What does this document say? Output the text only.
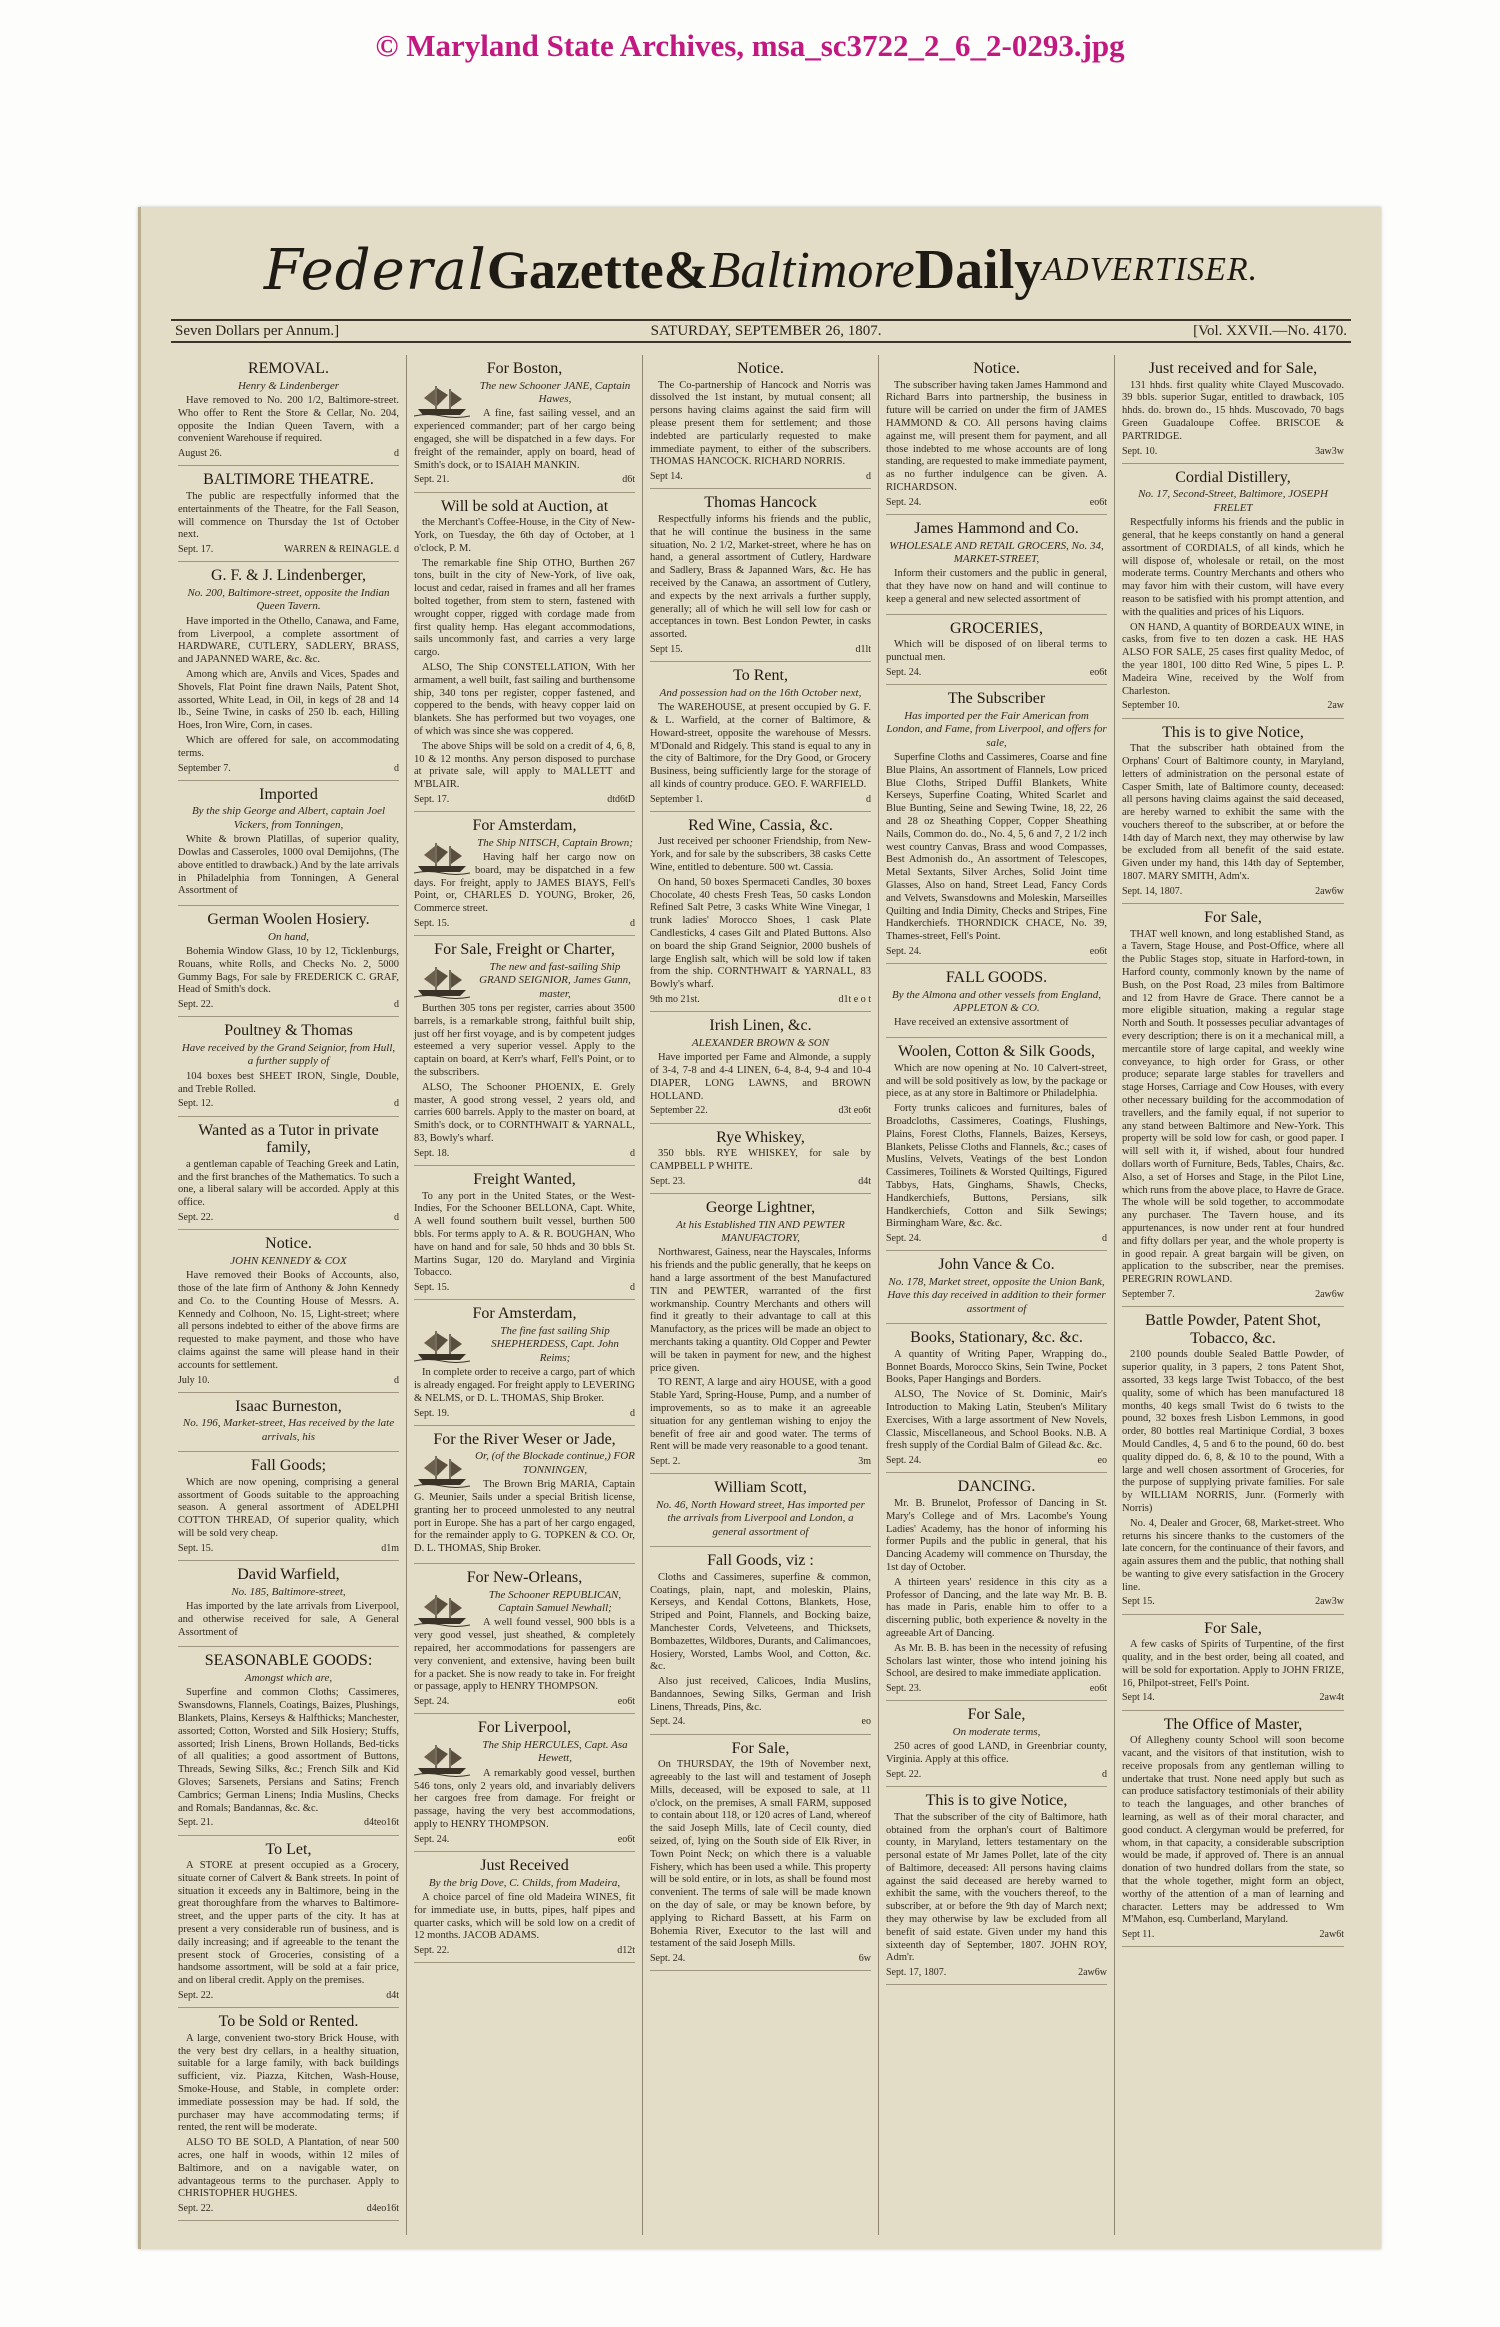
© Maryland State Archives, msa_sc3722_2_6_2-0293.jpg
Federal Gazette& Baltimore Daily ADVERTISER.
Seven Dollars per Annum.]	SATURDAY, SEPTEMBER 26, 1807.	[Vol. XXVII.—No. 4170.
REMOVAL.
Henry & Lindenberger

Have removed to No. 200 1/2, Baltimore-street. Who offer to Rent the Store & Cellar, No. 204, opposite the Indian Queen Tavern, with a convenient Warehouse if required.

August 26.	d
BALTIMORE THEATRE.

The public are respectfully informed that the entertainments of the Theatre, for the Fall Season, will commence on Thursday the 1st of October next.

Sept. 17.	WARREN & REINAGLE. d
G. F. & J. Lindenberger,
No. 200, Baltimore-street, opposite the Indian Queen Tavern.

Have imported in the Othello, Canawa, and Fame, from Liverpool, a complete assortment of HARDWARE, CUTLERY, SADLERY, BRASS, and JAPANNED WARE, &c. &c.

Among which are, Anvils and Vices, Spades and Shovels, Flat Point fine drawn Nails, Patent Shot, assorted, White Lead, in Oil, in kegs of 28 and 14 lb., Seine Twine, in casks of 250 lb. each, Hilling Hoes, Iron Wire, Corn, in cases.

Which are offered for sale, on accommodating terms.

September 7.	d
Imported
By the ship George and Albert, captain Joel Vickers, from Tonningen,

White & brown Platillas, of superior quality, Dowlas and Casseroles, 1000 oval Demijohns, (The above entitled to drawback.) And by the late arrivals in Philadelphia from Tonningen, A General Assortment of

German Woolen Hosiery.
On hand,

Bohemia Window Glass, 10 by 12, Ticklenburgs, Rouans, white Rolls, and Checks No. 2, 5000 Gummy Bags, For sale by FREDERICK C. GRAF, Head of Smith's dock.

Sept. 22.	d
Poultney & Thomas
Have received by the Grand Seignior, from Hull, a further supply of

104 boxes best SHEET IRON, Single, Double, and Treble Rolled.

Sept. 12.	d
Wanted as a Tutor in private family,

a gentleman capable of Teaching Greek and Latin, and the first branches of the Mathematics. To such a one, a liberal salary will be accorded. Apply at this office.

Sept. 22.	d
Notice.
JOHN KENNEDY & COX

Have removed their Books of Accounts, also, those of the late firm of Anthony & John Kennedy and Co. to the Counting House of Messrs. A. Kennedy and Colhoon, No. 15, Light-street; where all persons indebted to either of the above firms are requested to make payment, and those who have claims against the same will please hand in their accounts for settlement.

July 10.	d
Isaac Burneston,
No. 196, Market-street, Has received by the late arrivals, his
Fall Goods;

Which are now opening, comprising a general assortment of Goods suitable to the approaching season. A general assortment of ADELPHI COTTON THREAD, Of superior quality, which will be sold very cheap.

Sept. 15.	d1m
David Warfield,
No. 185, Baltimore-street,

Has imported by the late arrivals from Liverpool, and otherwise received for sale, A General Assortment of

SEASONABLE GOODS:
Amongst which are,

Superfine and common Cloths; Cassimeres, Swansdowns, Flannels, Coatings, Baizes, Plushings, Blankets, Plains, Kerseys & Halfthicks; Manchester, assorted; Cotton, Worsted and Silk Hosiery; Stuffs, assorted; Irish Linens, Brown Hollands, Bed-ticks of all qualities; a good assortment of Buttons, Threads, Sewing Silks, &c.; French Silk and Kid Gloves; Sarsenets, Persians and Satins; French Cambrics; German Linens; India Muslins, Checks and Romals; Bandannas, &c. &c.

Sept. 21.	d4teo16t
To Let,

A STORE at present occupied as a Grocery, situate corner of Calvert & Bank streets. In point of situation it exceeds any in Baltimore, being in the great thoroughfare from the wharves to Baltimore-street, and the upper parts of the city. It has at present a very considerable run of business, and is daily increasing; and if agreeable to the tenant the present stock of Groceries, consisting of a handsome assortment, will be sold at a fair price, and on liberal credit. Apply on the premises.

Sept. 22.	d4t
To be Sold or Rented.

A large, convenient two-story Brick House, with the very best dry cellars, in a healthy situation, suitable for a large family, with back buildings sufficient, viz. Piazza, Kitchen, Wash-House, Smoke-House, and Stable, in complete order: immediate possession may be had. If sold, the purchaser may have accommodating terms; if rented, the rent will be moderate.

ALSO TO BE SOLD, A Plantation, of near 500 acres, one half in woods, within 12 miles of Baltimore, and on a navigable water, on advantageous terms to the purchaser. Apply to CHRISTOPHER HUGHES.

Sept. 22.	d4eo16t
For Boston,
The new Schooner JANE, Captain Hawes,

A fine, fast sailing vessel, and an experienced commander; part of her cargo being engaged, she will be dispatched in a few days. For freight of the remainder, apply on board, head of Smith's dock, or to ISAIAH MANKIN.

Sept. 21.	d6t
Will be sold at Auction, at

the Merchant's Coffee-House, in the City of New-York, on Tuesday, the 6th day of October, at 1 o'clock, P. M.

The remarkable fine Ship OTHO, Burthen 267 tons, built in the city of New-York, of live oak, locust and cedar, raised in frames and all her frames bolted together, from stem to stern, fastened with wrought copper, rigged with cordage made from first quality hemp. Has elegant accommodations, sails uncommonly fast, and carries a very large cargo.

ALSO, The Ship CONSTELLATION, With her armament, a well built, fast sailing and burthensome ship, 340 tons per register, copper fastened, and coppered to the bends, with heavy copper laid on blankets. She has performed but two voyages, one of which was since she was coppered.

The above Ships will be sold on a credit of 4, 6, 8, 10 & 12 months. Any person disposed to purchase at private sale, will apply to MALLETT and M'BLAIR.

Sept. 17.	dtd6tD
For Amsterdam,
The Ship NITSCH, Captain Brown;

Having half her cargo now on board, may be dispatched in a few days. For freight, apply to JAMES BIAYS, Fell's Point, or, CHARLES D. YOUNG, Broker, 26, Commerce street.

Sept. 15.	d
For Sale, Freight or Charter,
The new and fast-sailing Ship GRAND SEIGNIOR, James Gunn, master,

Burthen 305 tons per register, carries about 3500 barrels, is a remarkable strong, faithful built ship, just off her first voyage, and is by competent judges esteemed a very superior vessel. Apply to the captain on board, at Kerr's wharf, Fell's Point, or to the subscribers.

ALSO, The Schooner PHOENIX, E. Grely master, A good strong vessel, 2 years old, and carries 600 barrels. Apply to the master on board, at Smith's dock, or to CORNTHWAIT & YARNALL, 83, Bowly's wharf.

Sept. 18.	d
Freight Wanted,

To any port in the United States, or the West-Indies, For the Schooner BELLONA, Capt. White, A well found southern built vessel, burthen 500 bbls. For terms apply to A. & R. BOUGHAN, Who have on hand and for sale, 50 hhds and 30 bbls St. Martins Sugar, 120 do. Maryland and Virginia Tobacco.

Sept. 15.	d
For Amsterdam,
The fine fast sailing Ship SHEPHERDESS, Capt. John Reims;

In complete order to receive a cargo, part of which is already engaged. For freight apply to LEVERING & NELMS, or D. L. THOMAS, Ship Broker.

Sept. 19.	d
For the River Weser or Jade,
Or, (of the Blockade continue,) FOR TONNINGEN,

The Brown Brig MARIA, Captain G. Meunier, Sails under a special British license, granting her to proceed unmolested to any neutral port in Europe. She has a part of her cargo engaged, for the remainder apply to G. TOPKEN & CO. Or, D. L. THOMAS, Ship Broker.

For New-Orleans,
The Schooner REPUBLICAN, Captain Samuel Newhall;

A well found vessel, 900 bbls is a very good vessel, just sheathed, & completely repaired, her accommodations for passengers are very convenient, and extensive, having been built for a packet. She is now ready to take in. For freight or passage, apply to HENRY THOMPSON.

Sept. 24.	eo6t
For Liverpool,
The Ship HERCULES, Capt. Asa Hewett,

A remarkably good vessel, burthen 546 tons, only 2 years old, and invariably delivers her cargoes free from damage. For freight or passage, having the very best accommodations, apply to HENRY THOMPSON.

Sept. 24.	eo6t
Just Received
By the brig Dove, C. Childs, from Madeira,

A choice parcel of fine old Madeira WINES, fit for immediate use, in butts, pipes, half pipes and quarter casks, which will be sold low on a credit of 12 months. JACOB ADAMS.

Sept. 22.	d12t
Notice.

The Co-partnership of Hancock and Norris was dissolved the 1st instant, by mutual consent; all persons having claims against the said firm will please present them for settlement; and those indebted are particularly requested to make immediate payment, to either of the subscribers. THOMAS HANCOCK. RICHARD NORRIS.

Sept 14.	d
Thomas Hancock

Respectfully informs his friends and the public, that he will continue the business in the same situation, No. 2 1/2, Market-street, where he has on hand, a general assortment of Cutlery, Hardware and Sadlery, Brass & Japanned Wars, &c. He has received by the Canawa, an assortment of Cutlery, and expects by the next arrivals a further supply, generally; all of which he will sell low for cash or acceptances in town. Best London Pewter, in casks assorted.

Sept 15.	d1lt
To Rent,
And possession had on the 16th October next,

The WAREHOUSE, at present occupied by G. F. & L. Warfield, at the corner of Baltimore, & Howard-street, opposite the warehouse of Messrs. M'Donald and Ridgely. This stand is equal to any in the city of Baltimore, for the Dry Good, or Grocery Business, being sufficiently large for the storage of all kinds of country produce. GEO. F. WARFIELD.

September 1.	d
Red Wine, Cassia, &c.

Just received per schooner Friendship, from New-York, and for sale by the subscribers, 38 casks Cette Wine, entitled to debenture. 500 wt. Cassia.

On hand, 50 boxes Spermaceti Candles, 30 boxes Chocolate, 40 chests Fresh Teas, 50 casks London Refined Salt Petre, 3 casks White Wine Vinegar, 1 trunk ladies' Morocco Shoes, 1 cask Plate Candlesticks, 4 cases Gilt and Plated Buttons. Also on board the ship Grand Seignior, 2000 bushels of large English salt, which will be sold low if taken from the ship. CORNTHWAIT & YARNALL, 83 Bowly's wharf.

9th mo 21st.	d1t e o t
Irish Linen, &c.
ALEXANDER BROWN & SON

Have imported per Fame and Almonde, a supply of 3-4, 7-8 and 4-4 LINEN, 6-4, 8-4, 9-4 and 10-4 DIAPER, LONG LAWNS, and BROWN HOLLAND.

September 22.	d3t eo6t
Rye Whiskey,

350 bbls. RYE WHISKEY, for sale by CAMPBELL P WHITE.

Sept. 23.	d4t
George Lightner,
At his Established TIN AND PEWTER MANUFACTORY,

Northwarest, Gainess, near the Hayscales, Informs his friends and the public generally, that he keeps on hand a large assortment of the best Manufactured TIN and PEWTER, warranted of the first workmanship. Country Merchants and others will find it greatly to their advantage to call at this Manufactory, as the prices will be made an object to merchants taking a quantity. Old Copper and Pewter will be taken in payment for new, and the highest price given.

TO RENT, A large and airy HOUSE, with a good Stable Yard, Spring-House, Pump, and a number of improvements, so as to make it an agreeable situation for any gentleman wishing to enjoy the benefit of free air and good water. The terms of Rent will be made very reasonable to a good tenant.

Sept. 2.	3m
William Scott,
No. 46, North Howard street, Has imported per the arrivals from Liverpool and London, a general assortment of
Fall Goods, viz :

Cloths and Cassimeres, superfine & common, Coatings, plain, napt, and moleskin, Plains, Kerseys, and Kendal Cottons, Blankets, Hose, Striped and Point, Flannels, and Bocking baize, Manchester Cords, Velveteens, and Thicksets, Bombazettes, Wildbores, Durants, and Calimancoes, Hosiery, Worsted, Lambs Wool, and Cotton, &c. &c.

Also just received, Calicoes, India Muslins, Bandannoes, Sewing Silks, German and Irish Linens, Threads, Pins, &c.

Sept. 24.	eo
For Sale,

On THURSDAY, the 19th of November next, agreeably to the last will and testament of Joseph Mills, deceased, will be exposed to sale, at 11 o'clock, on the premises, A small FARM, supposed to contain about 118, or 120 acres of Land, whereof the said Joseph Mills, late of Cecil county, died seized, of, lying on the South side of Elk River, in Town Point Neck; on which there is a valuable Fishery, which has been used a while. This property will be sold entire, or in lots, as shall be found most convenient. The terms of sale will be made known on the day of sale, or may be known before, by applying to Richard Bassett, at his Farm on Bohemia River, Executor to the last will and testament of the said Joseph Mills.

Sept. 24.	6w
Notice.

The subscriber having taken James Hammond and Richard Barrs into partnership, the business in future will be carried on under the firm of JAMES HAMMOND & CO. All persons having claims against me, will present them for payment, and all those indebted to me whose accounts are of long standing, are requested to make immediate payment, as no further indulgence can be given. A. RICHARDSON.

Sept. 24.	eo6t
James Hammond and Co.
WHOLESALE AND RETAIL GROCERS, No. 34, MARKET-STREET,

Inform their customers and the public in general, that they have now on hand and will continue to keep a general and new selected assortment of

GROCERIES,

Which will be disposed of on liberal terms to punctual men.

Sept. 24.	eo6t
The Subscriber
Has imported per the Fair American from London, and Fame, from Liverpool, and offers for sale,

Superfine Cloths and Cassimeres, Coarse and fine Blue Plains, An assortment of Flannels, Low priced Blue Cloths, Striped Duffil Blankets, White Kerseys, Superfine Coating, Whited Scarlet and Blue Bunting, Seine and Sewing Twine, 18, 22, 26 and 28 oz Sheathing Copper, Copper Sheathing Nails, Common do. do., No. 4, 5, 6 and 7, 2 1/2 inch west country Canvas, Brass and wood Compasses, Best Admonish do., An assortment of Telescopes, Metal Sextants, Silver Arches, Solid Joint time Glasses, Also on hand, Street Lead, Fancy Cords and Velvets, Swansdowns and Moleskin, Marseilles Quilting and India Dimity, Checks and Stripes, Fine Handkerchiefs. THORNDICK CHACE, No. 39, Thames-street, Fell's Point.

Sept. 24.	eo6t
FALL GOODS.
By the Almona and other vessels from England, APPLETON & CO.

Have received an extensive assortment of

Woolen, Cotton & Silk Goods,

Which are now opening at No. 10 Calvert-street, and will be sold positively as low, by the package or piece, as at any store in Baltimore or Philadelphia.

Forty trunks calicoes and furnitures, bales of Broadcloths, Cassimeres, Coatings, Flushings, Plains, Forest Cloths, Flannels, Baizes, Kerseys, Blankets, Pelisse Cloths and Flannels, &c.; cases of Muslins, Velvets, Veatings of the best London Cassimeres, Toilinets & Worsted Quiltings, Figured Tabbys, Hats, Ginghams, Shawls, Checks, Handkerchiefs, Buttons, Persians, silk Handkerchiefs, Cotton and Silk Sewings; Birmingham Ware, &c. &c.

Sept. 24.	d
John Vance & Co.
No. 178, Market street, opposite the Union Bank, Have this day received in addition to their former assortment of
Books, Stationary, &c. &c.

A quantity of Writing Paper, Wrapping do., Bonnet Boards, Morocco Skins, Sein Twine, Pocket Books, Paper Hangings and Borders.

ALSO, The Novice of St. Dominic, Mair's Introduction to Making Latin, Steuben's Military Exercises, With a large assortment of New Novels, Classic, Miscellaneous, and School Books. N.B. A fresh supply of the Cordial Balm of Gilead &c. &c.

Sept. 24.	eo
DANCING.

Mr. B. Brunelot, Professor of Dancing in St. Mary's College and of Mrs. Lacombe's Young Ladies' Academy, has the honor of informing his former Pupils and the public in general, that his Dancing Academy will commence on Thursday, the 1st day of October.

A thirteen years' residence in this city as a Professor of Dancing, and the late way Mr. B. B. has made in Paris, enable him to offer to a discerning public, both experience & novelty in the agreeable Art of Dancing.

As Mr. B. B. has been in the necessity of refusing Scholars last winter, those who intend joining his School, are desired to make immediate application.

Sept. 23.	eo6t
For Sale,
On moderate terms,

250 acres of good LAND, in Greenbriar county, Virginia. Apply at this office.

Sept. 22.	d
This is to give Notice,

That the subscriber of the city of Baltimore, hath obtained from the orphan's court of Baltimore county, in Maryland, letters testamentary on the personal estate of Mr James Pollet, late of the city of Baltimore, deceased: All persons having claims against the said deceased are hereby warned to exhibit the same, with the vouchers thereof, to the subscriber, at or before the 9th day of March next; they may otherwise by law be excluded from all benefit of said estate. Given under my hand this sixteenth day of September, 1807. JOHN ROY, Adm'r.

Sept. 17, 1807.	2aw6w
Just received and for Sale,

131 hhds. first quality white Clayed Muscovado. 39 bbls. superior Sugar, entitled to drawback, 105 hhds. do. brown do., 15 hhds. Muscovado, 70 bags Green Guadaloupe Coffee. BRISCOE & PARTRIDGE.

Sept. 10.	3aw3w
Cordial Distillery,
No. 17, Second-Street, Baltimore, JOSEPH FRELET

Respectfully informs his friends and the public in general, that he keeps constantly on hand a general assortment of CORDIALS, of all kinds, which he will dispose of, wholesale or retail, on the most moderate terms. Country Merchants and others who may favor him with their custom, will have every reason to be satisfied with his prompt attention, and with the qualities and prices of his Liquors.

ON HAND, A quantity of BORDEAUX WINE, in casks, from five to ten dozen a cask. HE HAS ALSO FOR SALE, 25 cases first quality Medoc, of the year 1801, 100 ditto Red Wine, 5 pipes L. P. Madeira Wine, received by the Wolf from Charleston.

September 10.	2aw
This is to give Notice,

That the subscriber hath obtained from the Orphans' Court of Baltimore county, in Maryland, letters of administration on the personal estate of Casper Smith, late of Baltimore county, deceased: all persons having claims against the said deceased, are hereby warned to exhibit the same with the vouchers thereof to the subscriber, at or before the 14th day of March next, they may otherwise by law be excluded from all benefit of the said estate. Given under my hand, this 14th day of September, 1807. MARY SMITH, Adm'x.

Sept. 14, 1807.	2aw6w
For Sale,

THAT well known, and long established Stand, as a Tavern, Stage House, and Post-Office, where all the Public Stages stop, situate in Harford-town, in Harford county, commonly known by the name of Bush, on the Post Road, 23 miles from Baltimore and 12 from Havre de Grace. There cannot be a more eligible situation, making a regular stage North and South. It possesses peculiar advantages of every description; there is on it a mechanical mill, a mercantile store of large capital, and weekly wine conveyance, to high order for Grass, or other produce; separate large stables for travellers and stage Horses, Carriage and Cow Houses, with every other necessary building for the accommodation of travellers, and the family equal, if not superior to any stand between Baltimore and New-York. This property will be sold low for cash, or good paper. I will sell with it, if wished, about four hundred dollars worth of Furniture, Beds, Tables, Chairs, &c. Also, a set of Horses and Stage, in the Pilot Line, which runs from the above place, to Havre de Grace. The whole will be sold together, to accommodate any purchaser. The Tavern house, and its appurtenances, is now under rent at four hundred and fifty dollars per year, and the whole property is in good repair. A great bargain will be given, on application to the subscriber, near the premises. PEREGRIN ROWLAND.

September 7.	2aw6w
Battle Powder, Patent Shot, Tobacco, &c.

2100 pounds double Sealed Battle Powder, of superior quality, in 3 papers, 2 tons Patent Shot, assorted, 33 kegs large Twist Tobacco, of the best quality, some of which has been manufactured 18 months, 40 kegs small Twist do 6 twists to the pound, 32 boxes fresh Lisbon Lemmons, in good order, 80 bottles real Martinique Cordial, 3 boxes Mould Candles, 4, 5 and 6 to the pound, 60 do. best quality dipped do. 6, 8, & 10 to the pound, With a large and well chosen assortment of Groceries, for the purpose of supplying private families. For sale by WILLIAM NORRIS, Junr. (Formerly with Norris)

No. 4, Dealer and Grocer, 68, Market-street. Who returns his sincere thanks to the customers of the late concern, for the continuance of their favors, and again assures them and the public, that nothing shall be wanting to give every satisfaction in the Grocery line.

Sept 15.	2aw3w
For Sale,

A few casks of Spirits of Turpentine, of the first quality, and in the best order, being all coated, and will be sold for exportation. Apply to JOHN FRIZE, 16, Philpot-street, Fell's Point.

Sept 14.	2aw4t
The Office of Master,

Of Allegheny county School will soon become vacant, and the visitors of that institution, wish to receive proposals from any gentleman willing to undertake that trust. None need apply but such as can produce satisfactory testimonials of their ability to teach the languages, and other branches of learning, as well as of their moral character, and good conduct. A clergyman would be preferred, for whom, in that capacity, a considerable subscription would be made, if approved of. There is an annual donation of two hundred dollars from the state, so that the whole together, might form an object, worthy of the attention of a man of learning and character. Letters may be addressed to Wm M'Mahon, esq. Cumberland, Maryland.

Sept 11.	2aw6t
